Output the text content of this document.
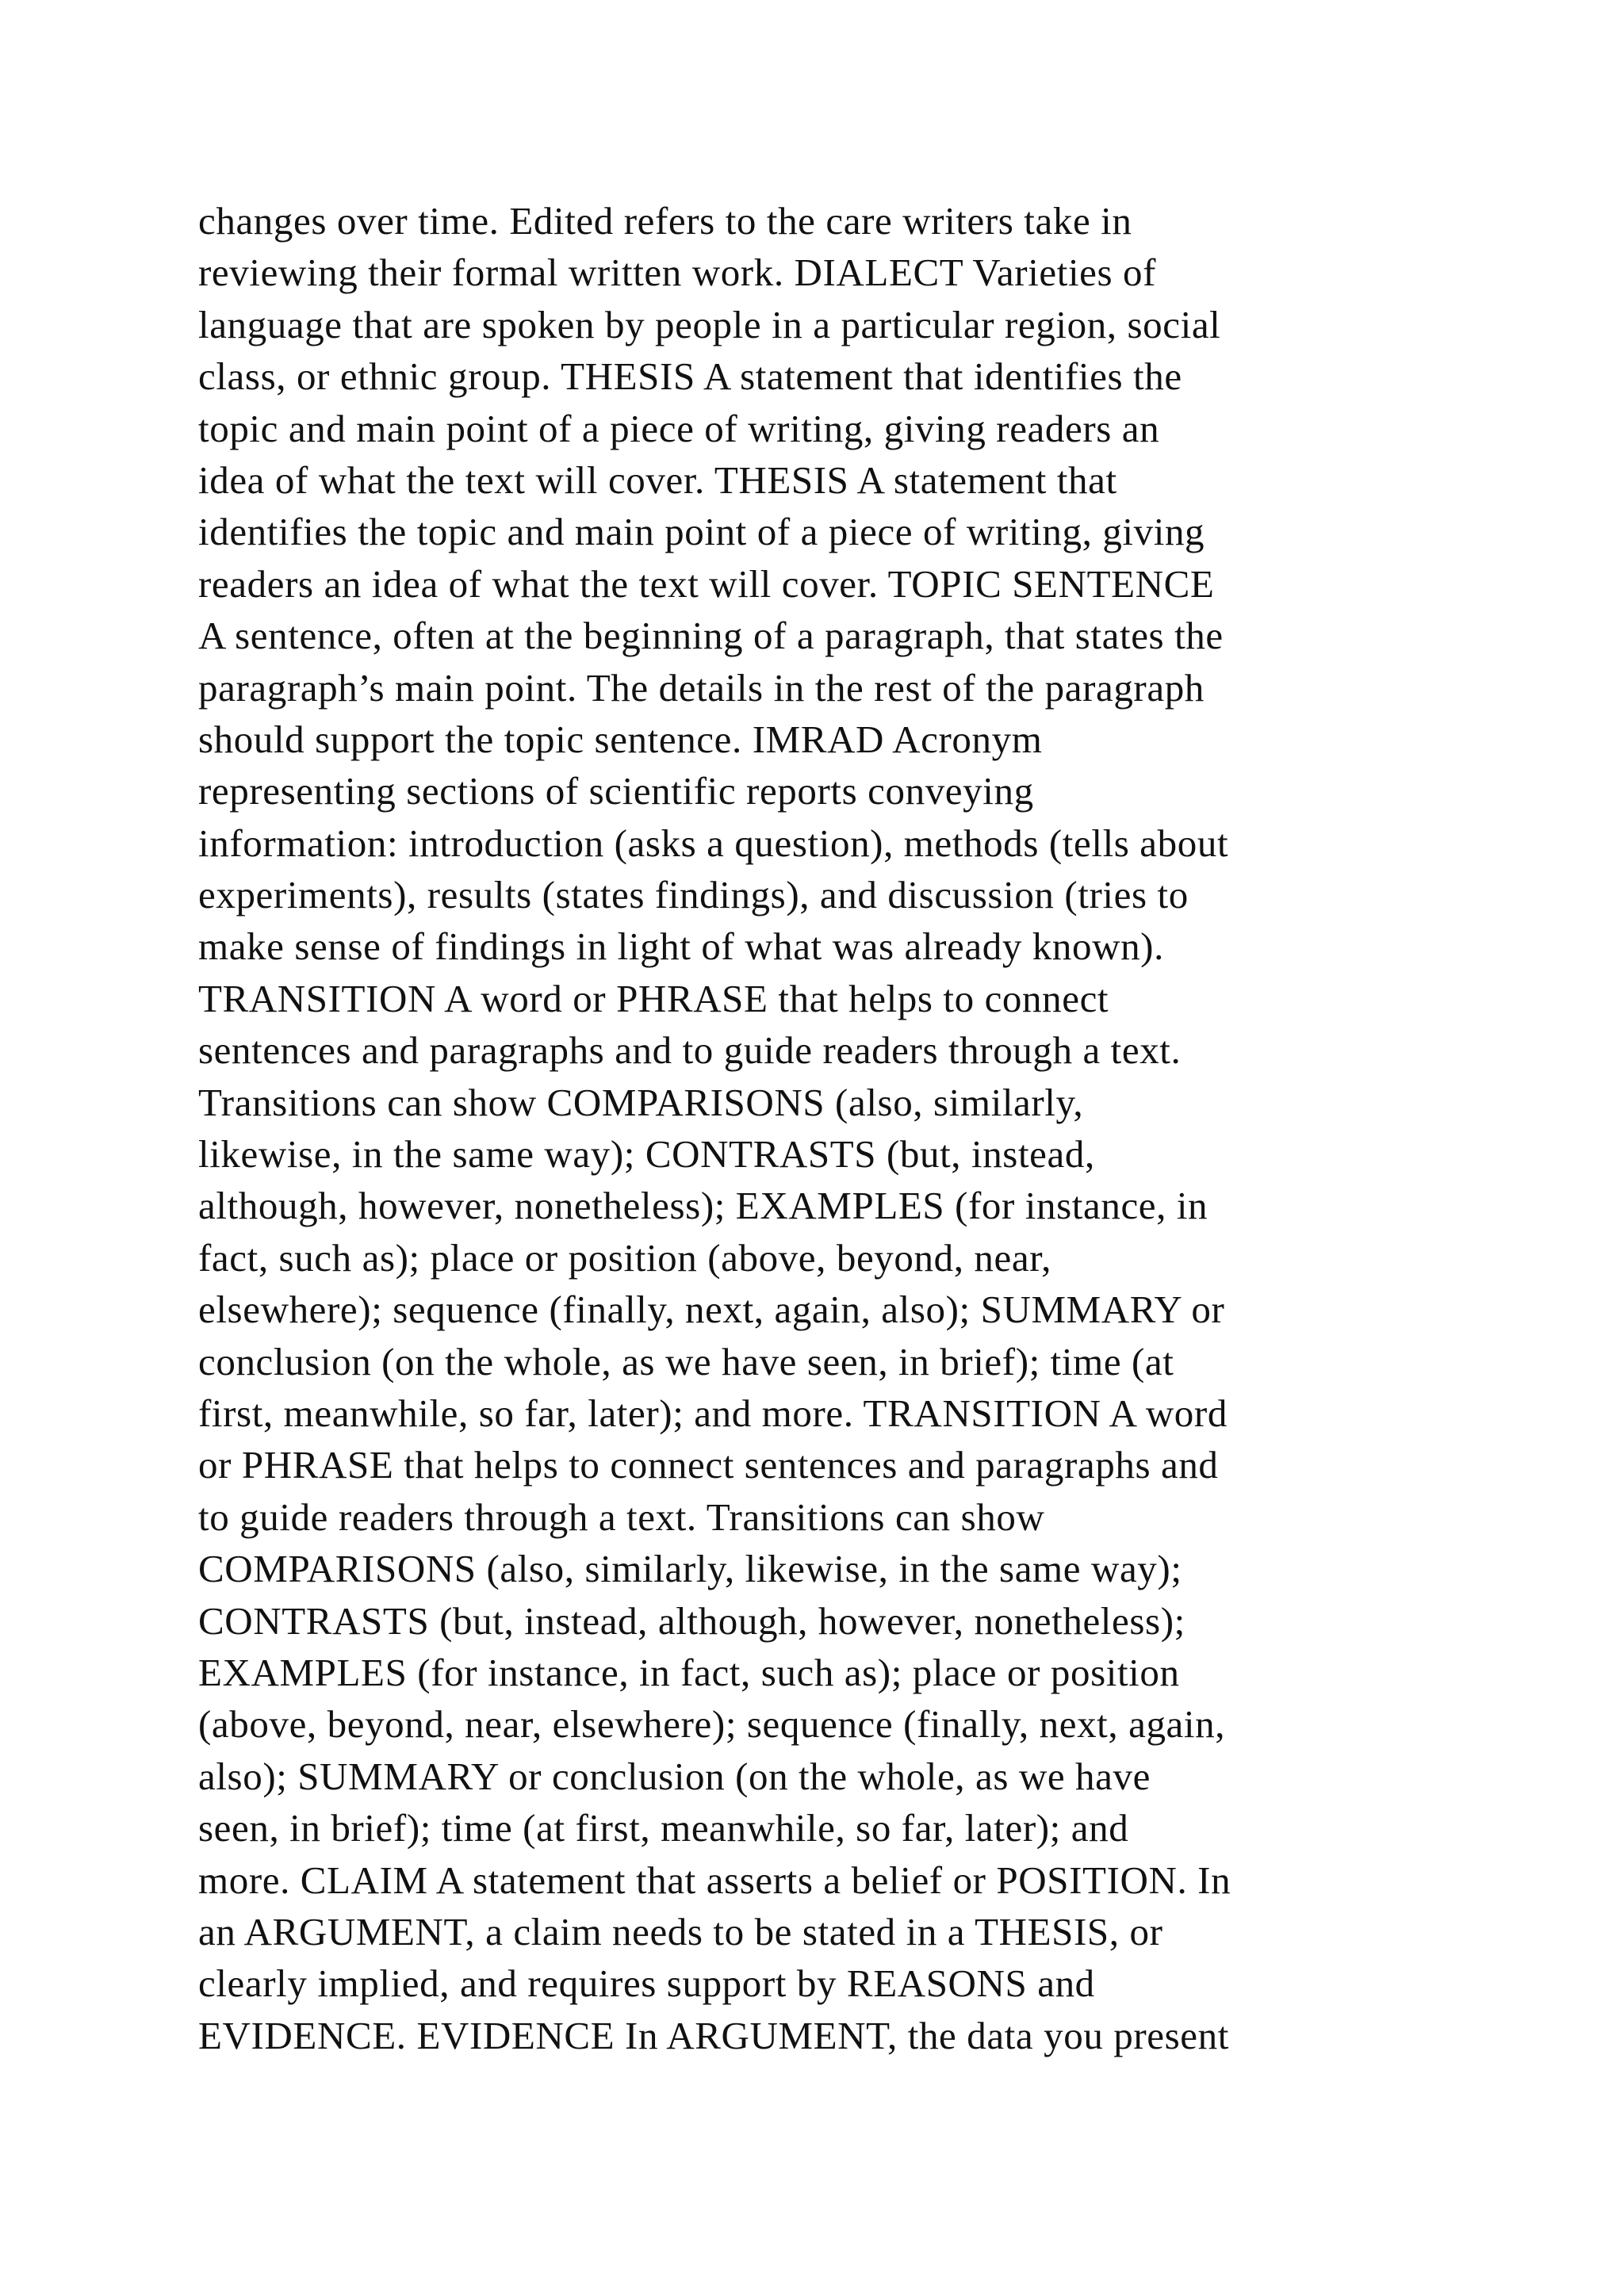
changes over time. Edited refers to the care writers take in
reviewing their formal written work. DIALECT Varieties of
language that are spoken by people in a particular region, social
class, or ethnic group. THESIS A statement that identifies the
topic and main point of a piece of writing, giving readers an
idea of what the text will cover. THESIS A statement that
identifies the topic and main point of a piece of writing, giving
readers an idea of what the text will cover. TOPIC SENTENCE
A sentence, often at the beginning of a paragraph, that states the
paragraph’s main point. The details in the rest of the paragraph
should support the topic sentence. IMRAD Acronym
representing sections of scientific reports conveying
information: introduction (asks a question), methods (tells about
experiments), results (states findings), and discussion (tries to
make sense of findings in light of what was already known).
TRANSITION A word or PHRASE that helps to connect
sentences and paragraphs and to guide readers through a text.
Transitions can show COMPARISONS (also, similarly,
likewise, in the same way); CONTRASTS (but, instead,
although, however, nonetheless); EXAMPLES (for instance, in
fact, such as); place or position (above, beyond, near,
elsewhere); sequence (finally, next, again, also); SUMMARY or
conclusion (on the whole, as we have seen, in brief); time (at
first, meanwhile, so far, later); and more. TRANSITION A word
or PHRASE that helps to connect sentences and paragraphs and
to guide readers through a text. Transitions can show
COMPARISONS (also, similarly, likewise, in the same way);
CONTRASTS (but, instead, although, however, nonetheless);
EXAMPLES (for instance, in fact, such as); place or position
(above, beyond, near, elsewhere); sequence (finally, next, again,
also); SUMMARY or conclusion (on the whole, as we have
seen, in brief); time (at first, meanwhile, so far, later); and
more. CLAIM A statement that asserts a belief or POSITION. In
an ARGUMENT, a claim needs to be stated in a THESIS, or
clearly implied, and requires support by REASONS and
EVIDENCE. EVIDENCE In ARGUMENT, the data you present
